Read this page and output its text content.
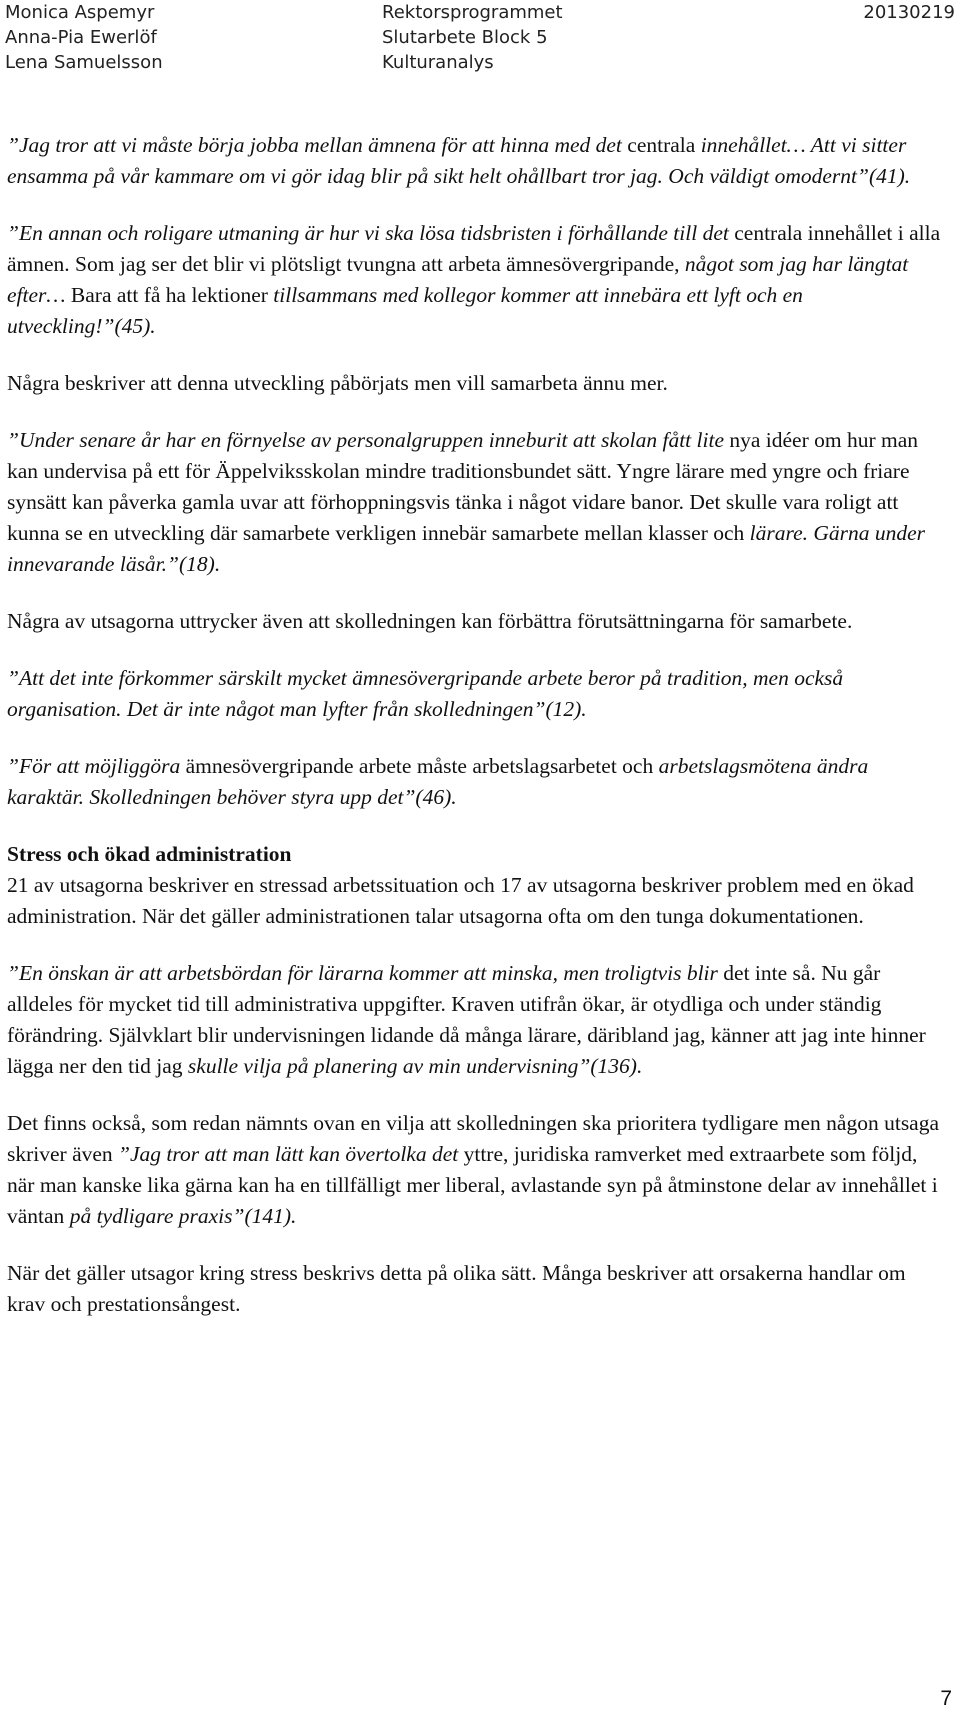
Monica Aspemyr
Anna-Pia Ewerlöf
Lena Samuelsson
Rektorsprogrammet
Slutarbete Block 5
Kulturanalys
20130219

”Jag tror att vi måste börja jobba mellan ämnena för att hinna med det centrala innehållet… Att vi sitter ensamma på vår kammare om vi gör idag blir på sikt helt ohållbart tror jag. Och väldigt omodernt”(41).

”En annan och roligare utmaning är hur vi ska lösa tidsbristen i förhållande till det centrala innehållet i alla ämnen. Som jag ser det blir vi plötsligt tvungna att arbeta ämnesövergripande, något som jag har längtat efter… Bara att få ha lektioner tillsammans med kollegor kommer att innebära ett lyft och en utveckling!”(45).

Några beskriver att denna utveckling påbörjats men vill samarbeta ännu mer.

”Under senare år har en förnyelse av personalgruppen inneburit att skolan fått lite nya idéer om hur man kan undervisa på ett för Äppelviksskolan mindre traditionsbundet sätt. Yngre lärare med yngre och friare synsätt kan påverka gamla uvar att förhoppningsvis tänka i något vidare banor. Det skulle vara roligt att kunna se en utveckling där samarbete verkligen innebär samarbete mellan klasser och lärare. Gärna under innevarande läsår.”(18).

Några av utsagorna uttrycker även att skolledningen kan förbättra förutsättningarna för samarbete.

”Att det inte förkommer särskilt mycket ämnesövergripande arbete beror på tradition, men också organisation. Det är inte något man lyfter från skolledningen”(12).

”För att möjliggöra ämnesövergripande arbete måste arbetslagsarbetet och arbetslagsmötena ändra karaktär. Skolledningen behöver styra upp det”(46).

Stress och ökad administration
21 av utsagorna beskriver en stressad arbetssituation och 17 av utsagorna beskriver problem med en ökad administration. När det gäller administrationen talar utsagorna ofta om den tunga dokumentationen.

”En önskan är att arbetsbördan för lärarna kommer att minska, men troligtvis blir det inte så. Nu går alldeles för mycket tid till administrativa uppgifter. Kraven utifrån ökar, är otydliga och under ständig förändring. Självklart blir undervisningen lidande då många lärare, däribland jag, känner att jag inte hinner lägga ner den tid jag skulle vilja på planering av min undervisning”(136).

Det finns också, som redan nämnts ovan en vilja att skolledningen ska prioritera tydligare men någon utsaga skriver även ”Jag tror att man lätt kan övertolka det yttre, juridiska ramverket med extraarbete som följd, när man kanske lika gärna kan ha en tillfälligt mer liberal, avlastande syn på åtminstone delar av innehållet i väntan på tydligare praxis”(141).

När det gäller utsagor kring stress beskrivs detta på olika sätt. Många beskriver att orsakerna handlar om krav och prestationsångest.

7
